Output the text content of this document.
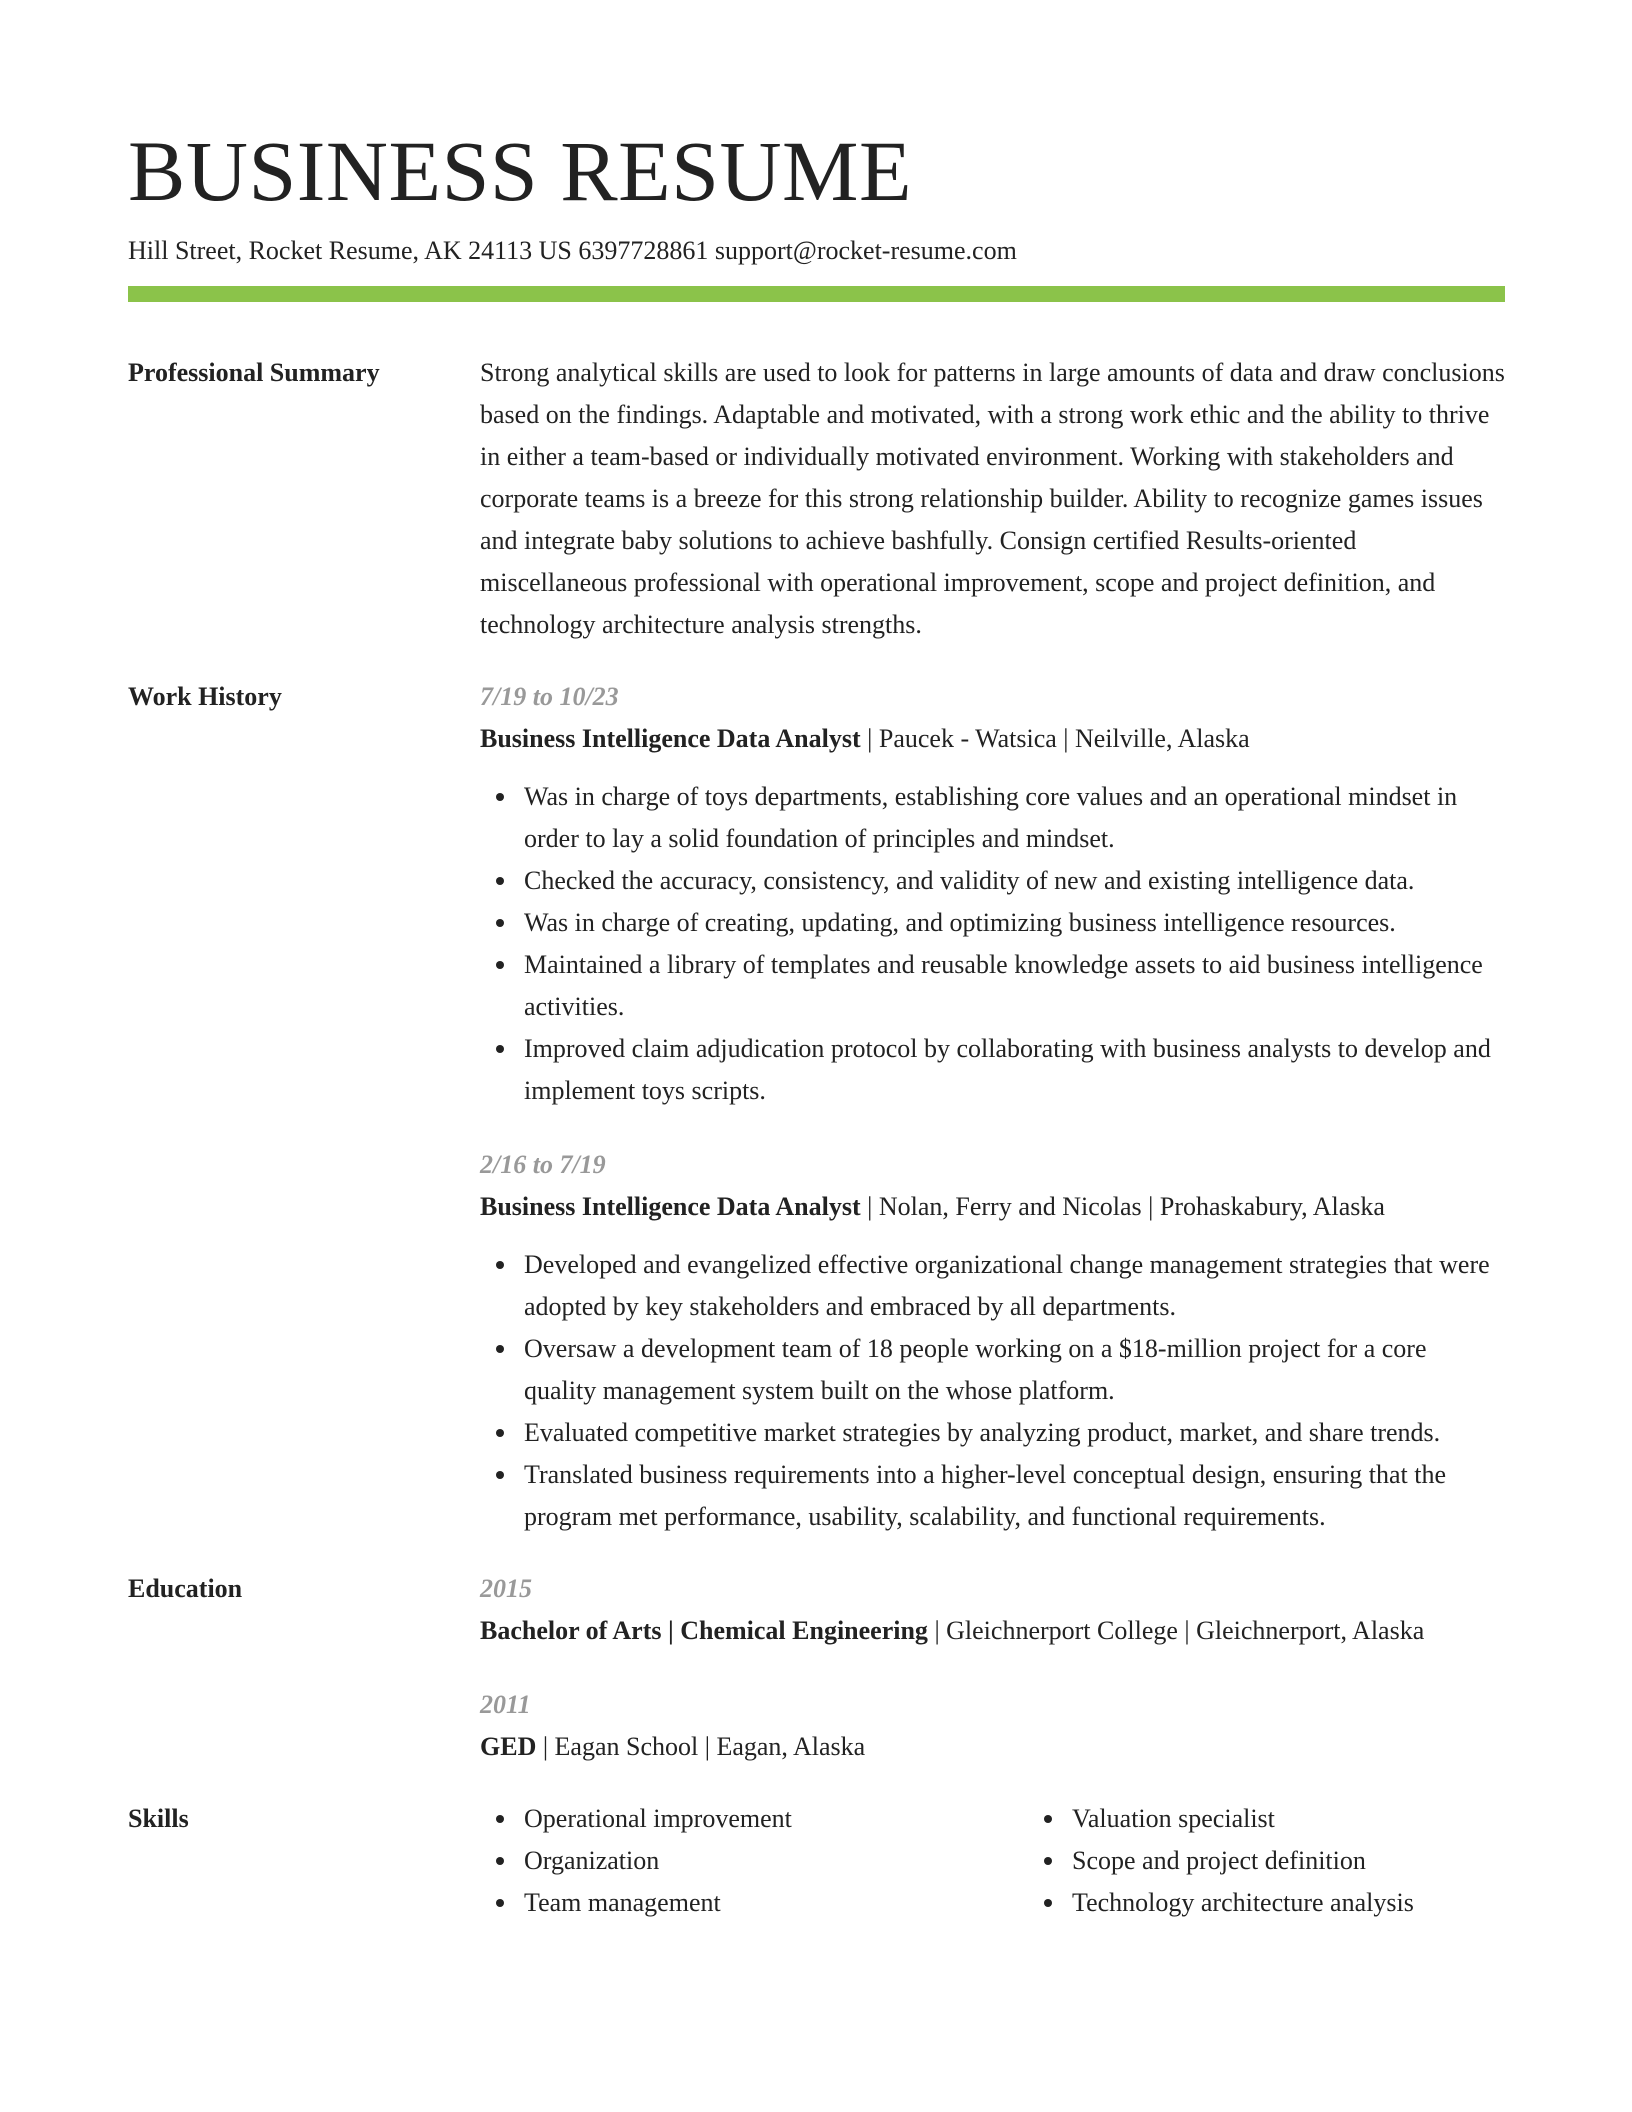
BUSINESS RESUME
Hill Street, Rocket Resume, AK 24113 US 6397728861 support@rocket-resume.com
Professional Summary	Strong analytical skills are used to look for patterns in large amounts of data and draw conclusions based on the findings. Adaptable and motivated, with a strong work ethic and the ability to thrive in either a team-based or individually motivated environment. Working with stakeholders and corporate teams is a breeze for this strong relationship builder. Ability to recognize games issues and integrate baby solutions to achieve bashfully. Consign certified Results-oriented miscellaneous professional with operational improvement, scope and project definition, and technology architecture analysis strengths.
Work History	7/19 to 10/23
Business Intelligence Data Analyst | Paucek - Watsica | Neilville, Alaska
Was in charge of toys departments, establishing core values and an operational mindset in order to lay a solid foundation of principles and mindset.
Checked the accuracy, consistency, and validity of new and existing intelligence data.
Was in charge of creating, updating, and optimizing business intelligence resources.
Maintained a library of templates and reusable knowledge assets to aid business intelligence activities.
Improved claim adjudication protocol by collaborating with business analysts to develop and implement toys scripts.
2/16 to 7/19
Business Intelligence Data Analyst | Nolan, Ferry and Nicolas | Prohaskabury, Alaska
Developed and evangelized effective organizational change management strategies that were adopted by key stakeholders and embraced by all departments.
Oversaw a development team of 18 people working on a $18-million project for a core quality management system built on the whose platform.
Evaluated competitive market strategies by analyzing product, market, and share trends.
Translated business requirements into a higher-level conceptual design, ensuring that the program met performance, usability, scalability, and functional requirements.
Education	2015
Bachelor of Arts | Chemical Engineering | Gleichnerport College | Gleichnerport, Alaska
2011
GED | Eagan School | Eagan, Alaska
Skills	Operational improvement
Organization
Team management
Valuation specialist
Scope and project definition
Technology architecture analysis
